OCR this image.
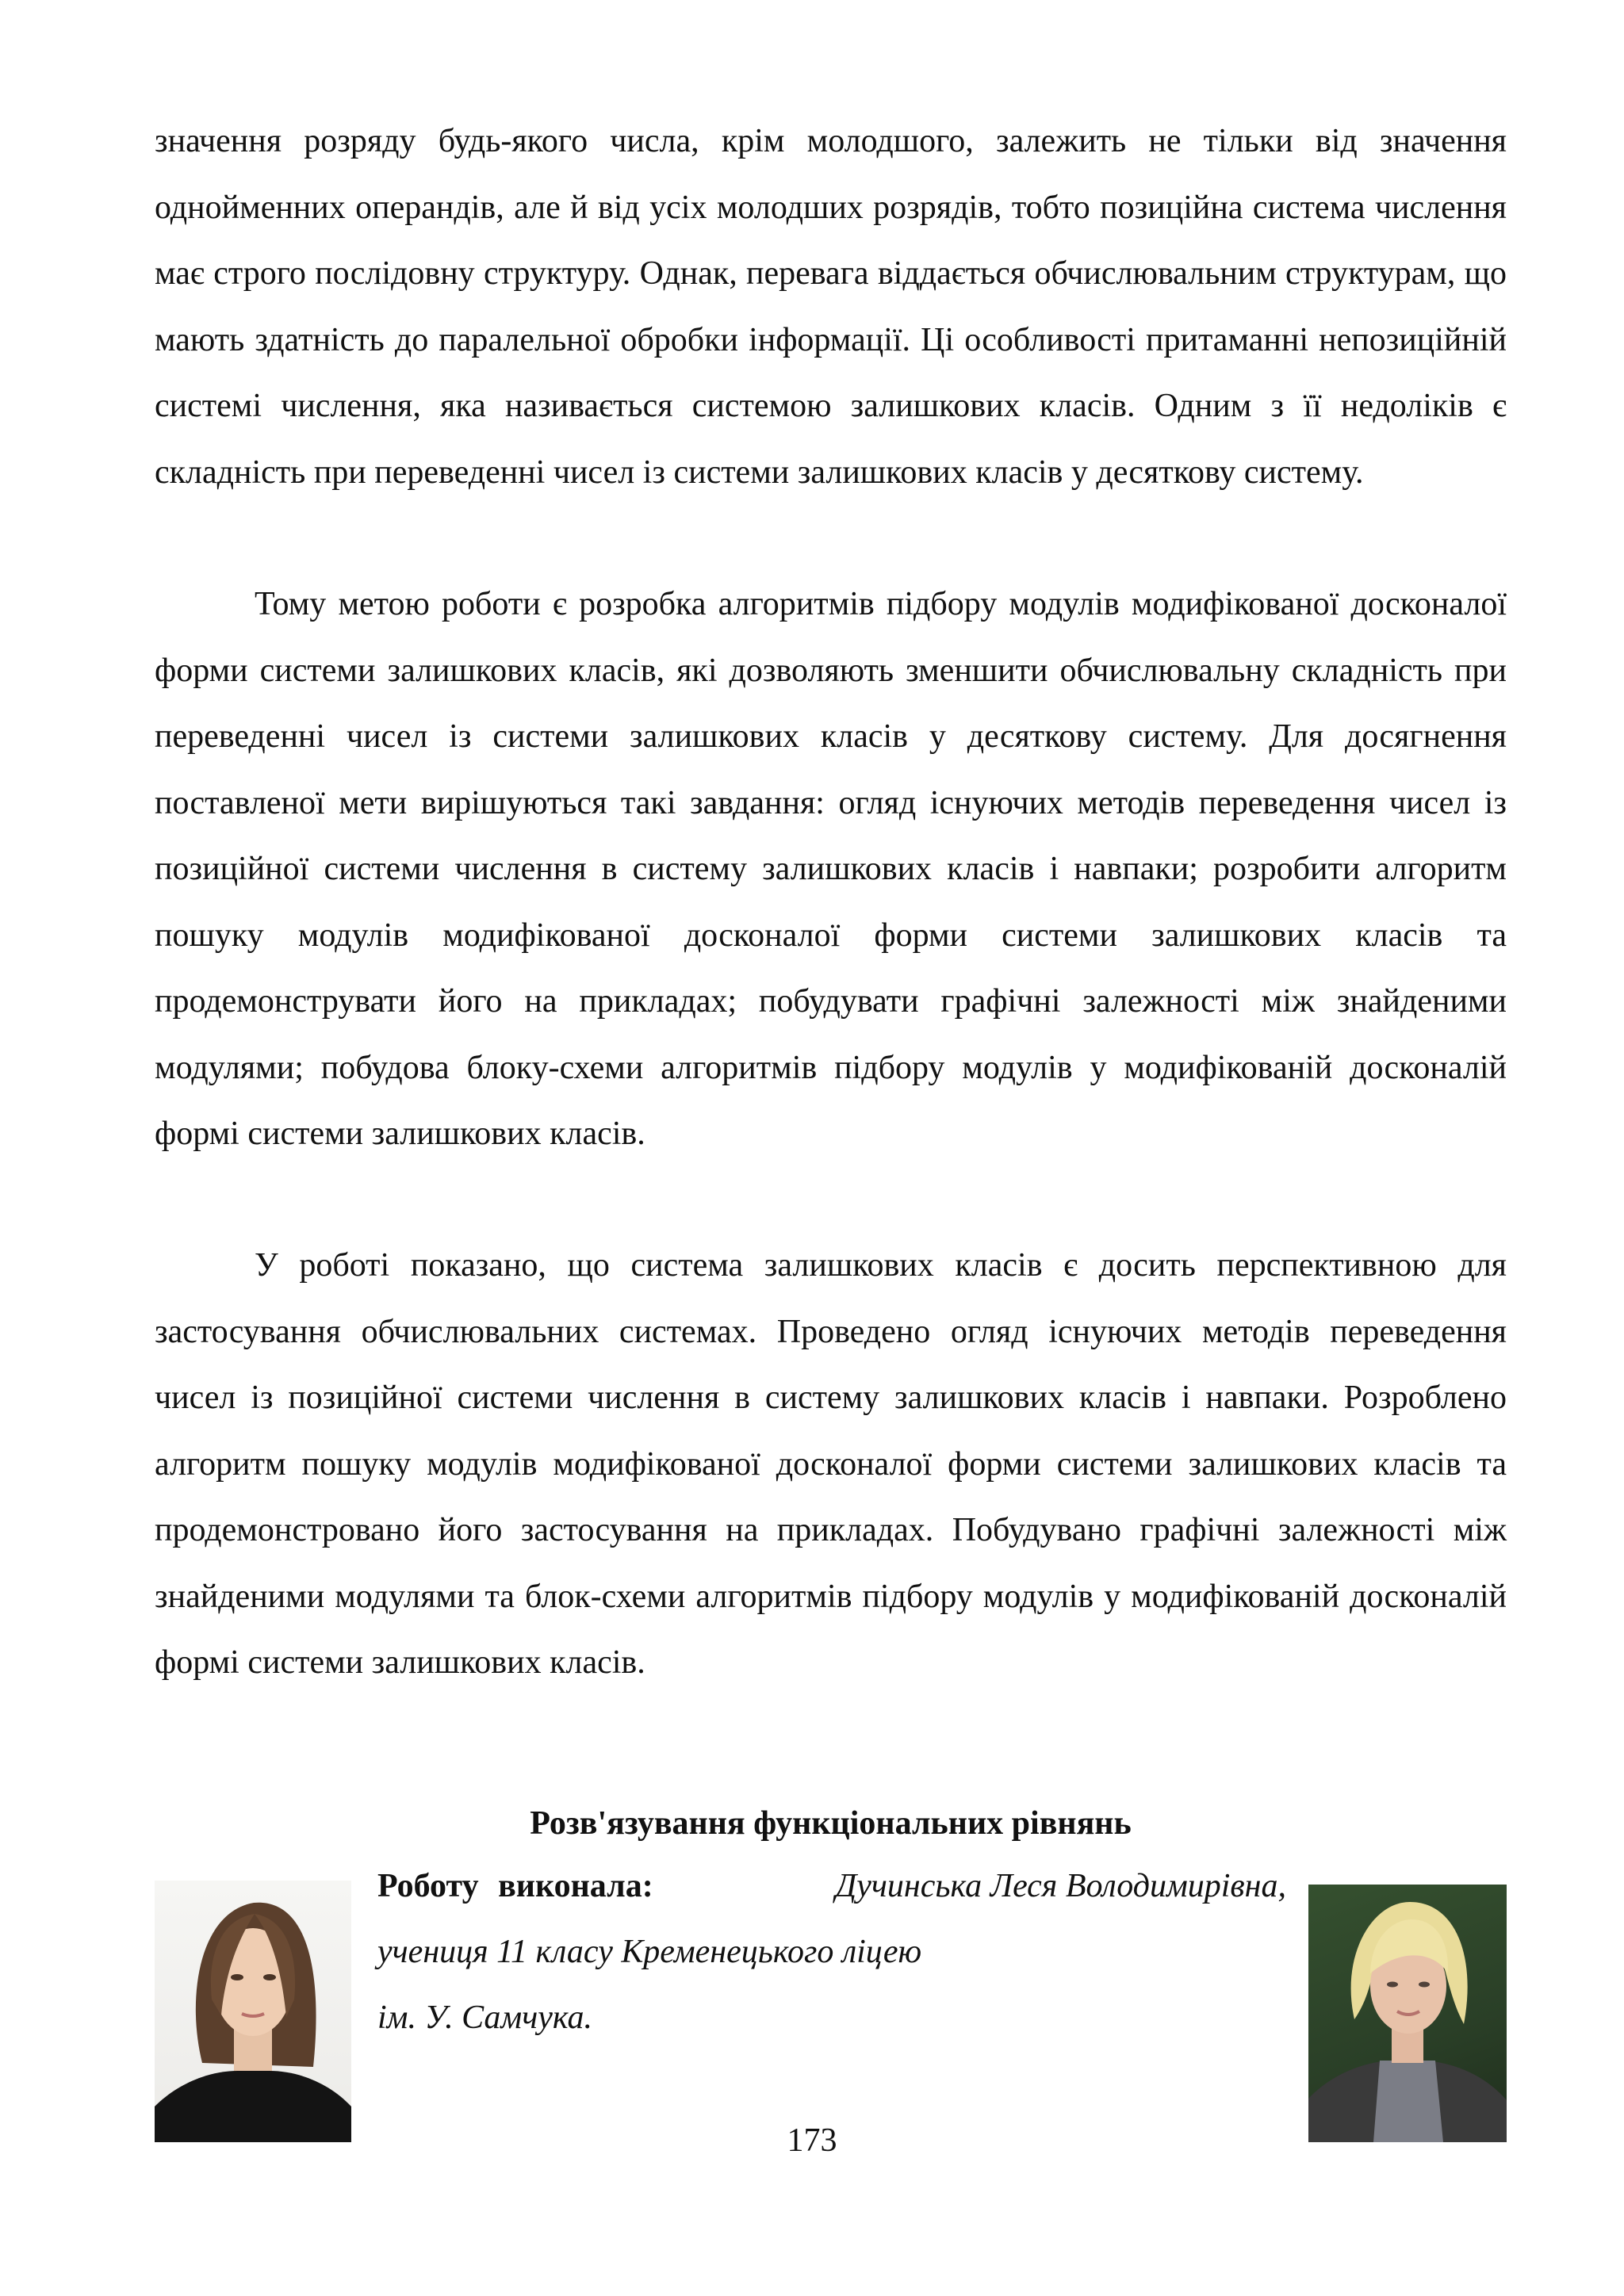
значення розряду будь-якого числа, крім молодшого, залежить не тільки від значення однойменних операндів, але й від усіх молодших розрядів, тобто позиційна система числення має строго послідовну структуру. Однак, перевага віддається обчислювальним структурам, що мають здатність до паралельної обробки інформації. Ці особливості притаманні непозиційній системі числення, яка називається системою залишкових класів. Одним з її недоліків є складність при переведенні чисел із системи залишкових класів у десяткову систему.

Тому метою роботи є розробка алгоритмів підбору модулів модифікованої досконалої форми системи залишкових класів, які дозволяють зменшити обчислювальну складність при переведенні чисел із системи залишкових класів у десяткову систему. Для досягнення поставленої мети вирішуються такі завдання: огляд існуючих методів переведення чисел із позиційної системи числення в систему залишкових класів і навпаки; розробити алгоритм пошуку модулів модифікованої досконалої форми системи залишкових класів та продемонструвати його на прикладах; побудувати графічні залежності між знайденими модулями; побудова блоку-схеми алгоритмів підбору модулів у модифікованій досконалій формі системи залишкових класів.

У роботі показано, що система залишкових класів є досить перспективною для застосування обчислювальних системах. Проведено огляд існуючих методів переведення чисел із позиційної системи числення в систему залишкових класів і навпаки. Розроблено алгоритм пошуку модулів модифікованої досконалої форми системи залишкових класів та продемонстровано його застосування на прикладах. Побудувано графічні залежності між знайденими модулями та блок-схеми алгоритмів підбору модулів у модифікованій досконалій формі системи залишкових класів.

Розв'язування функціональних рівнянь
Роботу виконала:	Дучинська Леся Володимирівна,
учениця 11 класу Кременецького ліцею
ім. У. Самчука.
173
